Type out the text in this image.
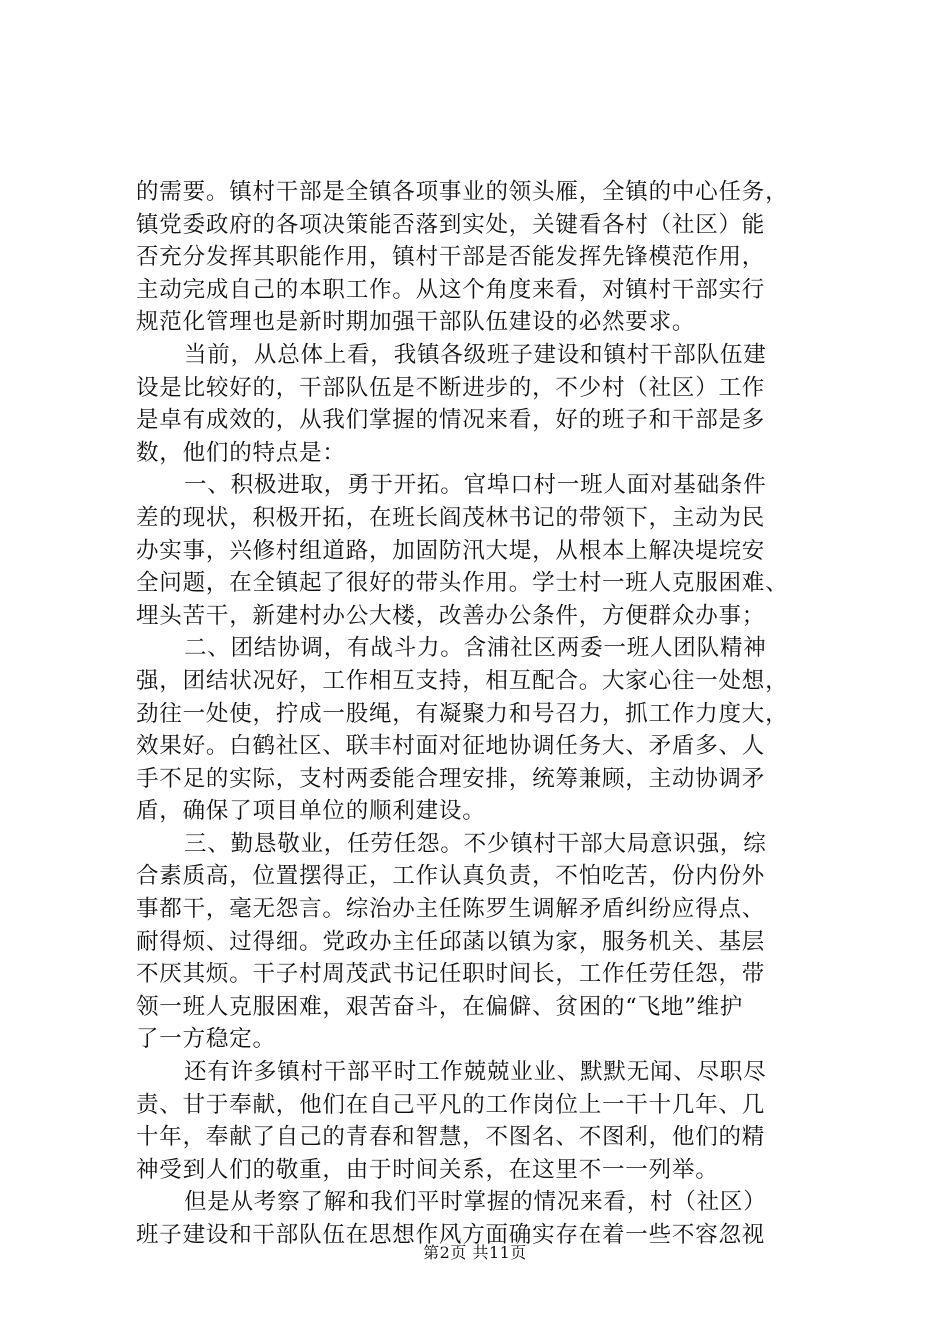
的需要。镇村干部是全镇各项事业的领头雁，全镇的中心任务，
镇党委政府的各项决策能否落到实处，关键看各村（社区）能
否充分发挥其职能作用，镇村干部是否能发挥先锋模范作用，
主动完成自己的本职工作。从这个角度来看，对镇村干部实行
规范化管理也是新时期加强干部队伍建设的必然要求。
当前，从总体上看，我镇各级班子建设和镇村干部队伍建
设是比较好的，干部队伍是不断进步的，不少村（社区）工作
是卓有成效的，从我们掌握的情况来看，好的班子和干部是多
数，他们的特点是：
一、积极进取，勇于开拓。官埠口村一班人面对基础条件
差的现状，积极开拓，在班长阎茂林书记的带领下，主动为民
办实事，兴修村组道路，加固防汛大堤，从根本上解决堤垸安
全问题，在全镇起了很好的带头作用。学士村一班人克服困难、
埋头苦干，新建村办公大楼，改善办公条件，方便群众办事；
二、团结协调，有战斗力。含浦社区两委一班人团队精神
强，团结状况好，工作相互支持，相互配合。大家心往一处想，
劲往一处使，拧成一股绳，有凝聚力和号召力，抓工作力度大，
效果好。白鹤社区、联丰村面对征地协调任务大、矛盾多、人
手不足的实际，支村两委能合理安排，统筹兼顾，主动协调矛
盾，确保了项目单位的顺利建设。
三、勤恳敬业，任劳任怨。不少镇村干部大局意识强，综
合素质高，位置摆得正，工作认真负责，不怕吃苦，份内份外
事都干，毫无怨言。综治办主任陈罗生调解矛盾纠纷应得点、
耐得烦、过得细。党政办主任邱菡以镇为家，服务机关、基层
不厌其烦。干子村周茂武书记任职时间长，工作任劳任怨，带
领一班人克服困难，艰苦奋斗，在偏僻、贫困的“飞地”维护
了一方稳定。
还有许多镇村干部平时工作兢兢业业、默默无闻、尽职尽
责、甘于奉献，他们在自己平凡的工作岗位上一干十几年、几
十年，奉献了自己的青春和智慧，不图名、不图利，他们的精
神受到人们的敬重，由于时间关系，在这里不一一列举。
但是从考察了解和我们平时掌握的情况来看，村（社区）
班子建设和干部队伍在思想作风方面确实存在着一些不容忽视
第2页 共11页
